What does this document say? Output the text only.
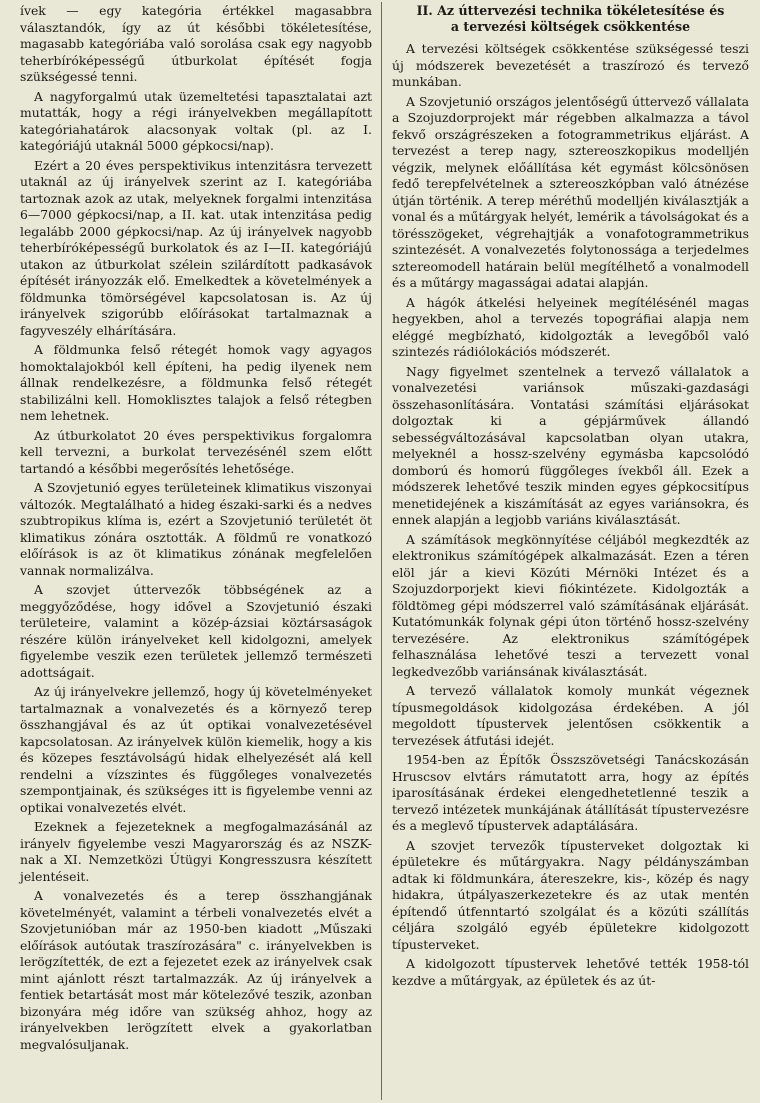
ívek — egy kategória értékkel magasabbra választandók, így az út későbbi tökéletesítése, magasabb kategóriába való sorolása csak egy nagyobb teherbíróképességű útburkolat építését fogja szükségessé tenni.

A nagyforgalmú utak üzemeltetési tapasztalatai azt mutatták, hogy a régi irányelvekben megállapított kategóriahatárok alacsonyak voltak (pl. az I. kategóriájú utaknál 5000 gépkocsi/nap).

Ezért a 20 éves perspektivikus intenzitásra tervezett utaknál az új irányelvek szerint az I. kategóriába tartoznak azok az utak, melyeknek forgalmi intenzitása 6—7000 gépkocsi/nap, a II. kat. utak intenzitása pedig legalább 2000 gépkocsi/nap. Az új irányelvek nagyobb teherbíróképességű burkolatok és az I—II. kategóriájú utakon az útburkolat szélein szilárdított padkasávok építését irányozzák elő. Emelkedtek a követelmények a földmunka tömörségével kapcsolatosan is. Az új irányelvek szigorúbb előírásokat tartalmaznak a fagyveszély elhárítására.

A földmunka felső rétegét homok vagy agyagos homoktalajokból kell építeni, ha pedig ilyenek nem állnak rendelkezésre, a földmunka felső rétegét stabilizálni kell. Homoklisztes talajok a felső rétegben nem lehetnek.

Az útburkolatot 20 éves perspektivikus forgalomra kell tervezni, a burkolat tervezésénél szem előtt tartandó a későbbi megerősítés lehetősége.

A Szovjetunió egyes területeinek klimatikus viszonyai változók. Megtalálható a hideg északi-sarki és a nedves szubtropikus klíma is, ezért a Szovjetunió területét öt klimatikus zónára osztották. A földmű re vonatkozó előírások is az öt klimatikus zónának megfelelően vannak normalizálva.

A szovjet úttervezők többségének az a meggyőződése, hogy idővel a Szovjetunió északi területeire, valamint a közép-ázsiai köztársaságok részére külön irányelveket kell kidolgozni, amelyek figyelembe veszik ezen területek jellemző természeti adottságait.

Az új irányelvekre jellemző, hogy új követelményeket tartalmaznak a vonalvezetés és a környező terep összhangjával és az út optikai vonalvezetésével kapcsolatosan. Az irányelvek külön kiemelik, hogy a kis és közepes fesztávolságú hidak elhelyezését alá kell rendelni a vízszintes és függőleges vonalvezetés szempontjainak, és szükséges itt is figyelembe venni az optikai vonalvezetés elvét.

Ezeknek a fejezeteknek a megfogalmazásánál az irányelv figyelembe veszi Magyarország és az NSZK-nak a XI. Nemzetközi Útügyi Kongresszusra készített jelentéseit.

A vonalvezetés és a terep összhangjának követelményét, valamint a térbeli vonalvezetés elvét a Szovjetunióban már az 1950-ben kiadott „Műszaki előírások autóutak traszírozására" c. irányelvekben is lerögzítették, de ezt a fejezetet ezek az irányelvek csak mint ajánlott részt tartalmazzák. Az új irányelvek a fentiek betartását most már kötelezővé teszik, azonban bizonyára még időre van szükség ahhoz, hogy az irányelvekben lerögzített elvek a gyakorlatban megvalósuljanak.

II. Az úttervezési technika tökéletesítése és
a tervezési költségek csökkentése

A tervezési költségek csökkentése szükségessé teszi új módszerek bevezetését a traszírozó és tervező munkában.

A Szovjetunió országos jelentőségű úttervező vállalata a Szojuzdorprojekt már régebben alkalmazza a távol fekvő országrészeken a fotogrammetrikus eljárást. A tervezést a terep nagy, sztereoszkopikus modelljén végzik, melynek előállítása két egymást kölcsönösen fedő terepfelvételnek a sztereoszkópban való átnézése útján történik. A terep méréthű modelljén kiválasztják a vonal és a műtárgyak helyét, lemérik a távolságokat és a törésszögeket, végrehajtják a vonafotogrammetrikus szintezését. A vonalvezetés folytonossága a terjedelmes sztereomodell határain belül megítélhető a vonalmodell és a műtárgy magasságai adatai alapján.

A hágók átkelési helyeinek megítélésénél magas hegyekben, ahol a tervezés topográfiai alapja nem eléggé megbízható, kidolgozták a levegőből való szintezés rádiólokációs módszerét.

Nagy figyelmet szentelnek a tervező vállalatok a vonalvezetési variánsok műszaki-gazdasági összehasonlítására. Vontatási számítási eljárásokat dolgoztak ki a gépjárművek állandó sebességváltozásával kapcsolatban olyan utakra, melyeknél a hossz-szelvény egymásba kapcsolódó domború és homorú függőleges ívekből áll. Ezek a módszerek lehetővé teszik minden egyes gépkocsitípus menetidejének a kiszámítását az egyes variánsokra, és ennek alapján a legjobb variáns kiválasztását.

A számítások megkönnyítése céljából megkezdték az elektronikus számítógépek alkalmazását. Ezen a téren elöl jár a kievi Közúti Mérnöki Intézet és a Szojuzdorporjekt kievi fiókintézete. Kidolgozták a földtömeg gépi módszerrel való számításának eljárását. Kutatómunkák folynak gépi úton történő hossz-szelvény tervezésére. Az elektronikus számítógépek felhasználása lehetővé teszi a tervezett vonal legkedvezőbb variánsának kiválasztását.

A tervező vállalatok komoly munkát végeznek típusmegoldások kidolgozása érdekében. A jól megoldott típustervek jelentősen csökkentik a tervezések átfutási idejét.

1954-ben az Építők Összszövetségi Tanácskozásán Hruscsov elvtárs rámutatott arra, hogy az építés iparosításának érdekei elengedhetetlenné teszik a tervező intézetek munkájának átállítását típustervezésre és a meglevő típustervek adaptálására.

A szovjet tervezők típusterveket dolgoztak ki épületekre és műtárgyakra. Nagy példányszámban adtak ki földmunkára, átereszekre, kis-, közép és nagy hidakra, útpályaszerkezetekre és az utak mentén építendő útfenntartó szolgálat és a közúti szállítás céljára szolgáló egyéb épületekre kidolgozott típusterveket.

A kidolgozott típustervek lehetővé tették 1958-tól kezdve a műtárgyak, az épületek és az út-
